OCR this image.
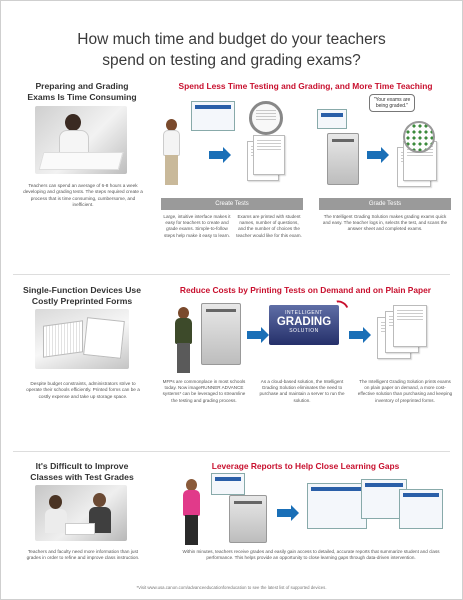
How much time and budget do your teachers
spend on testing and grading exams?
Preparing and Grading Exams Is Time Consuming
Teachers can spend an average of 6-8 hours a week developing and grading tests. The steps required create a process that is time consuming, cumbersome, and inefficient.
Spend Less Time Testing and Grading, and More Time Teaching
"Your exams are being graded."
Create Tests	Grade Tests
Large, intuitive interface makes it easy for teachers to create and grade exams. Simple-to-follow steps help make it easy to learn.
Exams are printed with student names, number of questions, and the number of choices the teacher would like for this exam.
The Intelligent Grading Solution makes grading exams quick and easy. The teacher logs in, selects the test, and scans the answer sheet and completed exams.
Single-Function Devices Use Costly Preprinted Forms
Despite budget constraints, administrators strive to operate their schools efficiently. Printed forms can be a costly expense and take up storage space.
Reduce Costs by Printing Tests on Demand and on Plain Paper
INTELLIGENT
GRADING
SOLUTION
MFPs are commonplace in most schools today. Now imageRUNNER ADVANCE systems* can be leveraged to streamline the testing and grading process.
As a cloud-based solution, the Intelligent Grading Solution eliminates the need to purchase and maintain a server to run the solution.
The Intelligent Grading Solution prints exams on plain paper on demand, a more cost-effective solution than purchasing and keeping inventory of preprinted forms.
It's Difficult to Improve Classes with Test Grades
Teachers and faculty need more information than just grades in order to refine and improve class instruction.
Leverage Reports to Help Close Learning Gaps
Within minutes, teachers receive grades and easily gain access to detailed, accurate reports that summarize student and class performance. This helps provide an opportunity to close learning gaps through data-driven intervention.
*Visit www.usa.canon.com/advanceeducationforeducation to see the latest list of supported devices.
